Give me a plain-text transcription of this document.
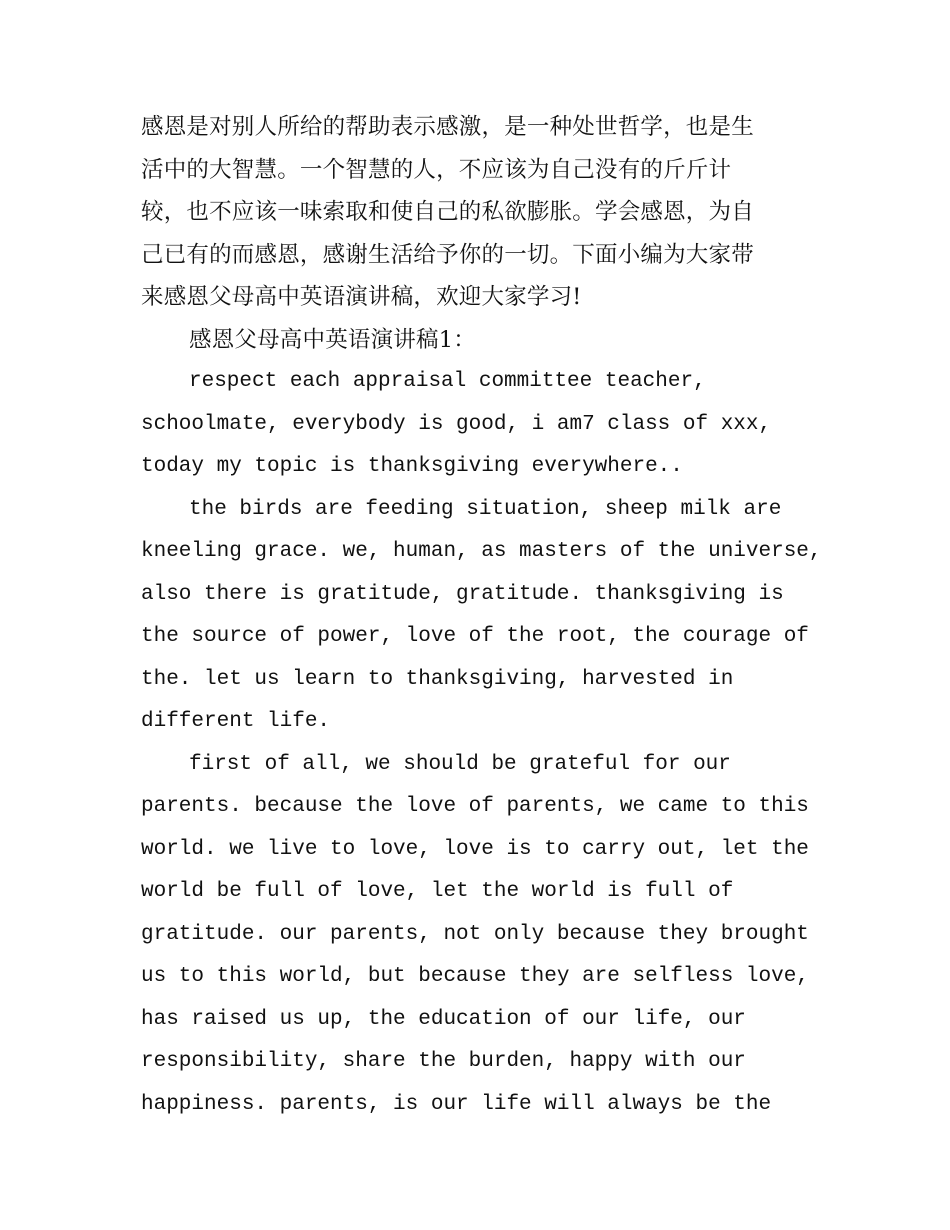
感恩是对别人所给的帮助表示感激，是一种处世哲学，也是生
活中的大智慧。一个智慧的人，不应该为自己没有的斤斤计
较，也不应该一味索取和使自己的私欲膨胀。学会感恩，为自
己已有的而感恩，感谢生活给予你的一切。下面小编为大家带
来感恩父母高中英语演讲稿，欢迎大家学习!
感恩父母高中英语演讲稿1：
respect each appraisal committee teacher,
schoolmate, everybody is good, i am7 class of xxx,
today my topic is thanksgiving everywhere..
the birds are feeding situation, sheep milk are
kneeling grace. we, human, as masters of the universe,
also there is gratitude, gratitude. thanksgiving is
the source of power, love of the root, the courage of
the. let us learn to thanksgiving, harvested in
different life.
first of all, we should be grateful for our
parents. because the love of parents, we came to this
world. we live to love, love is to carry out, let the
world be full of love, let the world is full of
gratitude. our parents, not only because they brought
us to this world, but because they are selfless love,
has raised us up, the education of our life, our
responsibility, share the burden, happy with our
happiness. parents, is our life will always be the
